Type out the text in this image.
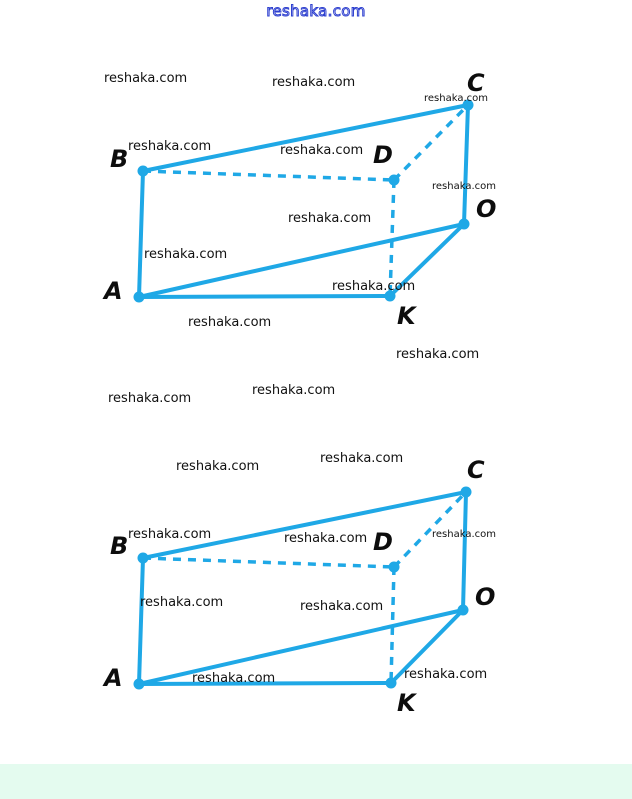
reshaka.com
A
B
C
D
O
K
A
B
C
D
O
K
reshaka.com	reshaka.com
reshaka.com
reshaka.com	reshaka.com
reshaka.com
reshaka.com
reshaka.com
reshaka.com
reshaka.com
reshaka.com
reshaka.com
reshaka.com
reshaka.com
reshaka.com
reshaka.com	reshaka.com
reshaka.com
reshaka.com	reshaka.com
reshaka.com
reshaka.com
